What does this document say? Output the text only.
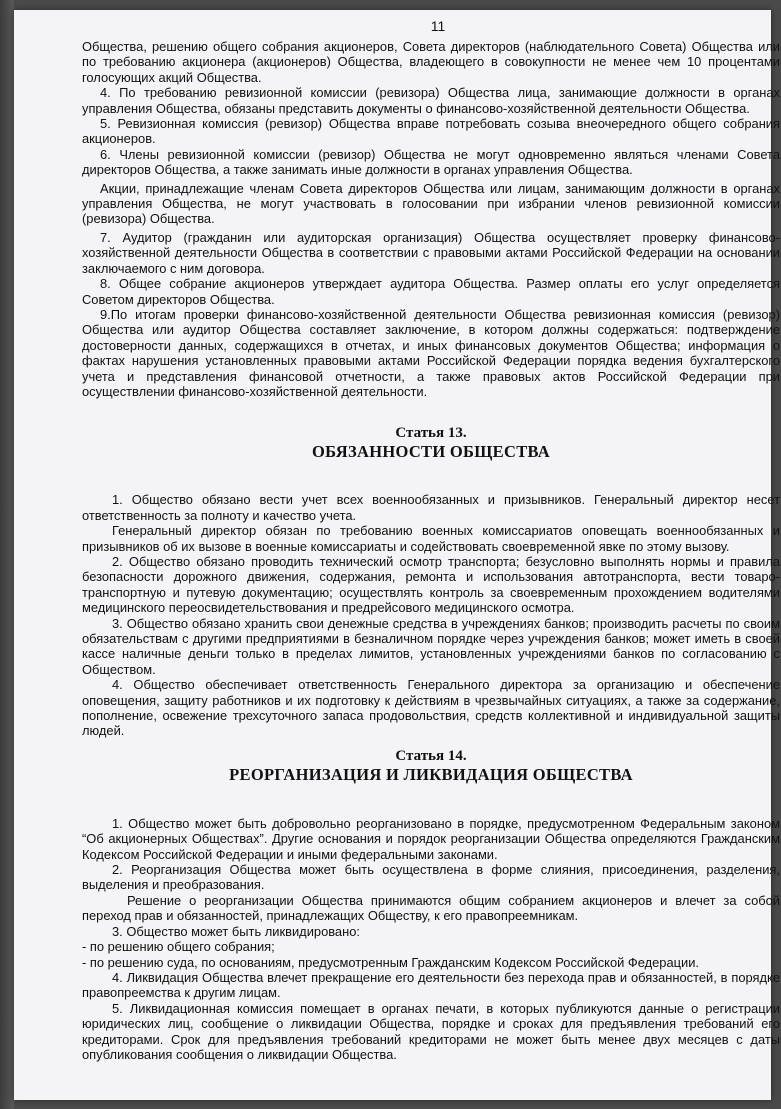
11

Общества, решению общего собрания акционеров, Совета директоров (наблюдательного Совета) Общества или по требованию акционера (акционеров) Общества, владеющего в совокупности не менее чем 10 процентами голосующих акций Общества.

4. По требованию ревизионной комиссии (ревизора) Общества лица, занимающие должности в органах управления Общества, обязаны представить документы о финансово-хозяйственной деятельности Общества.

5. Ревизионная комиссия (ревизор) Общества вправе потребовать созыва внеочередного общего собрания акционеров.

6. Члены ревизионной комиссии (ревизор) Общества не могут одновременно являться членами Совета директоров Общества, а также занимать иные должности в органах управления Общества.

Акции, принадлежащие членам Совета директоров Общества или лицам, занимающим должности в органах управления Общества, не могут участвовать в голосовании при избрании членов ревизионной комиссии (ревизора) Общества.

7. Аудитор (гражданин или аудиторская организация) Общества осуществляет проверку финансово-хозяйственной деятельности Общества в соответствии с правовыми актами Российской Федерации на основании заключаемого с ним договора.

8. Общее собрание акционеров утверждает аудитора Общества. Размер оплаты его услуг определяется Советом директоров Общества.

9.По итогам проверки финансово-хозяйственной деятельности Общества ревизионная комиссия (ревизор) Общества или аудитор Общества составляет заключение, в котором должны содержаться: подтверждение достоверности данных, содержащихся в отчетах, и иных финансовых документов Общества; информация о фактах нарушения установленных правовыми актами Российской Федерации порядка ведения бухгалтерского учета и представления финансовой отчетности, а также правовых актов Российской Федерации при осуществлении финансово-хозяйственной деятельности.

Статья 13.
ОБЯЗАННОСТИ ОБЩЕСТВА

1. Общество обязано вести учет всех военнообязанных и призывников. Генеральный директор несет ответственность за полноту и качество учета.

Генеральный директор обязан по требованию военных комиссариатов оповещать военнообязанных и призывников об их вызове в военные комиссариаты и содействовать своевременной явке по этому вызову.

2. Общество обязано проводить технический осмотр транспорта; безусловно выполнять нормы и правила безопасности дорожного движения, содержания, ремонта и использования автотранспорта, вести товаро-транспортную и путевую документацию; осуществлять контроль за своевременным прохождением водителями медицинского переосвидетельствования и предрейсового медицинского осмотра.

3. Общество обязано хранить свои денежные средства в учреждениях банков; производить расчеты по своим обязательствам с другими предприятиями в безналичном порядке через учреждения банков; может иметь в своей кассе наличные деньги только в пределах лимитов, установленных учреждениями банков по согласованию с Обществом.

4. Общество обеспечивает ответственность Генерального директора за организацию и обеспечение оповещения, защиту работников и их подготовку к действиям в чрезвычайных ситуациях, а также за содержание, пополнение, освежение трехсуточного запаса продовольствия, средств коллективной и индивидуальной защиты людей.

Статья 14.
РЕОРГАНИЗАЦИЯ И ЛИКВИДАЦИЯ ОБЩЕСТВА

1. Общество может быть добровольно реорганизовано в порядке, предусмотренном Федеральным законом “Об акционерных Обществах”. Другие основания и порядок реорганизации Общества определяются Гражданским Кодексом Российской Федерации и иными федеральными законами.

2. Реорганизация Общества может быть осуществлена в форме слияния, присоединения, разделения, выделения и преобразования.

Решение о реорганизации Общества принимаются общим собранием акционеров и влечет за собой переход прав и обязанностей, принадлежащих Обществу, к его правопреемникам.

3. Общество может быть ликвидировано:

- по решению общего собрания;

- по решению суда, по основаниям, предусмотренным Гражданским Кодексом Российской Федерации.

4. Ликвидация Общества влечет прекращение его деятельности без перехода прав и обязанностей, в порядке правопреемства к другим лицам.

5. Ликвидационная комиссия помещает в органах печати, в которых публикуются данные о регистрации юридических лиц, сообщение о ликвидации Общества, порядке и сроках для предъявления требований его кредиторами. Срок для предъявления требований кредиторами не может быть менее двух месяцев с даты опубликования сообщения о ликвидации Общества.
